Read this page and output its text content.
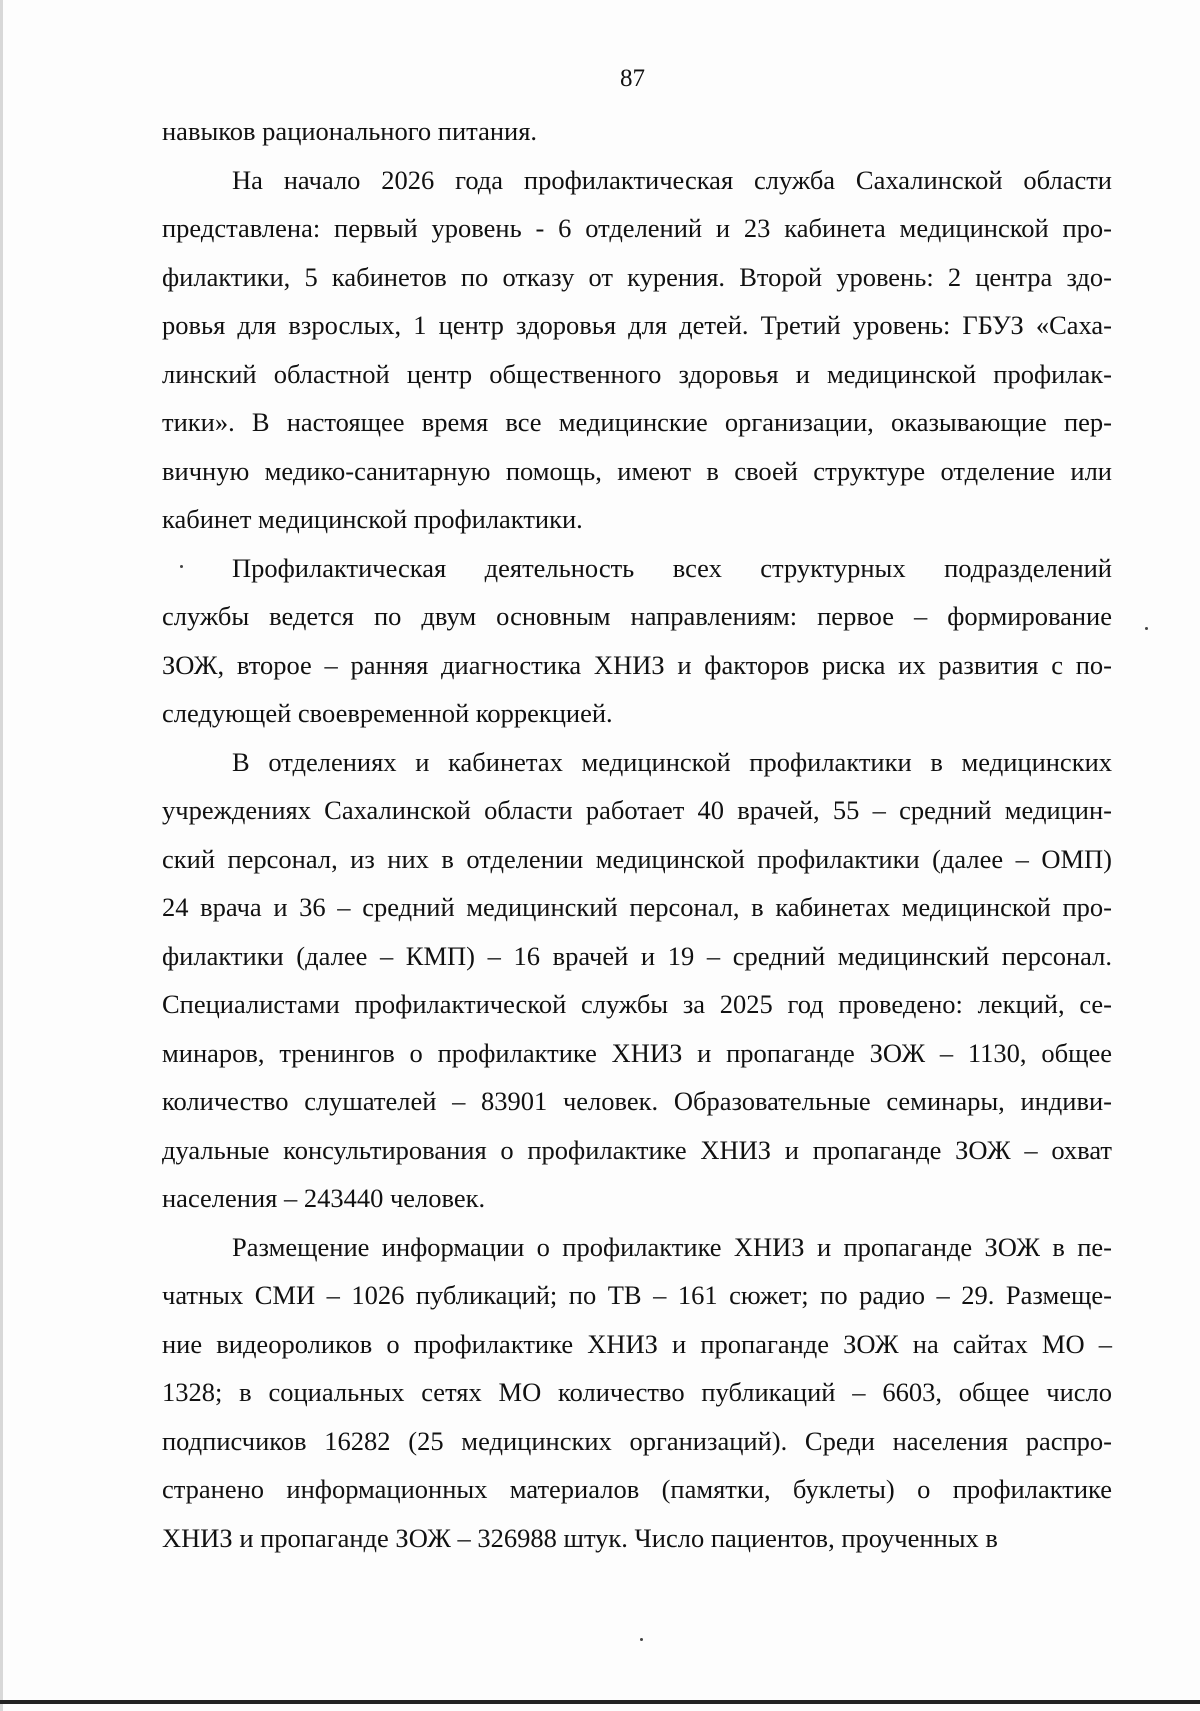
87
навыков рационального питания.
На начало 2026 года профилактическая служба Сахалинской области
представлена: первый уровень - 6 отделений и 23 кабинета медицинской про-
филактики, 5 кабинетов по отказу от курения. Второй уровень: 2 центра здо-
ровья для взрослых, 1 центр здоровья для детей. Третий уровень: ГБУЗ «Саха-
линский областной центр общественного здоровья и медицинской профилак-
тики». В настоящее время все медицинские организации, оказывающие пер-
вичную медико-санитарную помощь, имеют в своей структуре отделение или
кабинет медицинской профилактики.
Профилактическая деятельность всех структурных подразделений
службы ведется по двум основным направлениям: первое – формирование
ЗОЖ, второе – ранняя диагностика ХНИЗ и факторов риска их развития с по-
следующей своевременной коррекцией.
В отделениях и кабинетах медицинской профилактики в медицинских
учреждениях Сахалинской области работает 40 врачей, 55 – средний медицин-
ский персонал, из них в отделении медицинской профилактики (далее – ОМП)
24 врача и 36 – средний медицинский персонал, в кабинетах медицинской про-
филактики (далее – КМП) – 16 врачей и 19 – средний медицинский персонал.
Специалистами профилактической службы за 2025 год проведено: лекций, се-
минаров, тренингов о профилактике ХНИЗ и пропаганде ЗОЖ – 1130, общее
количество слушателей – 83901 человек. Образовательные семинары, индиви-
дуальные консультирования о профилактике ХНИЗ и пропаганде ЗОЖ – охват
населения – 243440 человек.
Размещение информации о профилактике ХНИЗ и пропаганде ЗОЖ в пе-
чатных СМИ – 1026 публикаций; по ТВ – 161 сюжет; по радио – 29. Размеще-
ние видеороликов о профилактике ХНИЗ и пропаганде ЗОЖ на сайтах МО –
1328; в социальных сетях МО количество публикаций – 6603, общее число
подписчиков 16282 (25 медицинских организаций). Среди населения распро-
странено информационных материалов (памятки, буклеты) о профилактике
ХНИЗ и пропаганде ЗОЖ – 326988 штук. Число пациентов, проученных в
